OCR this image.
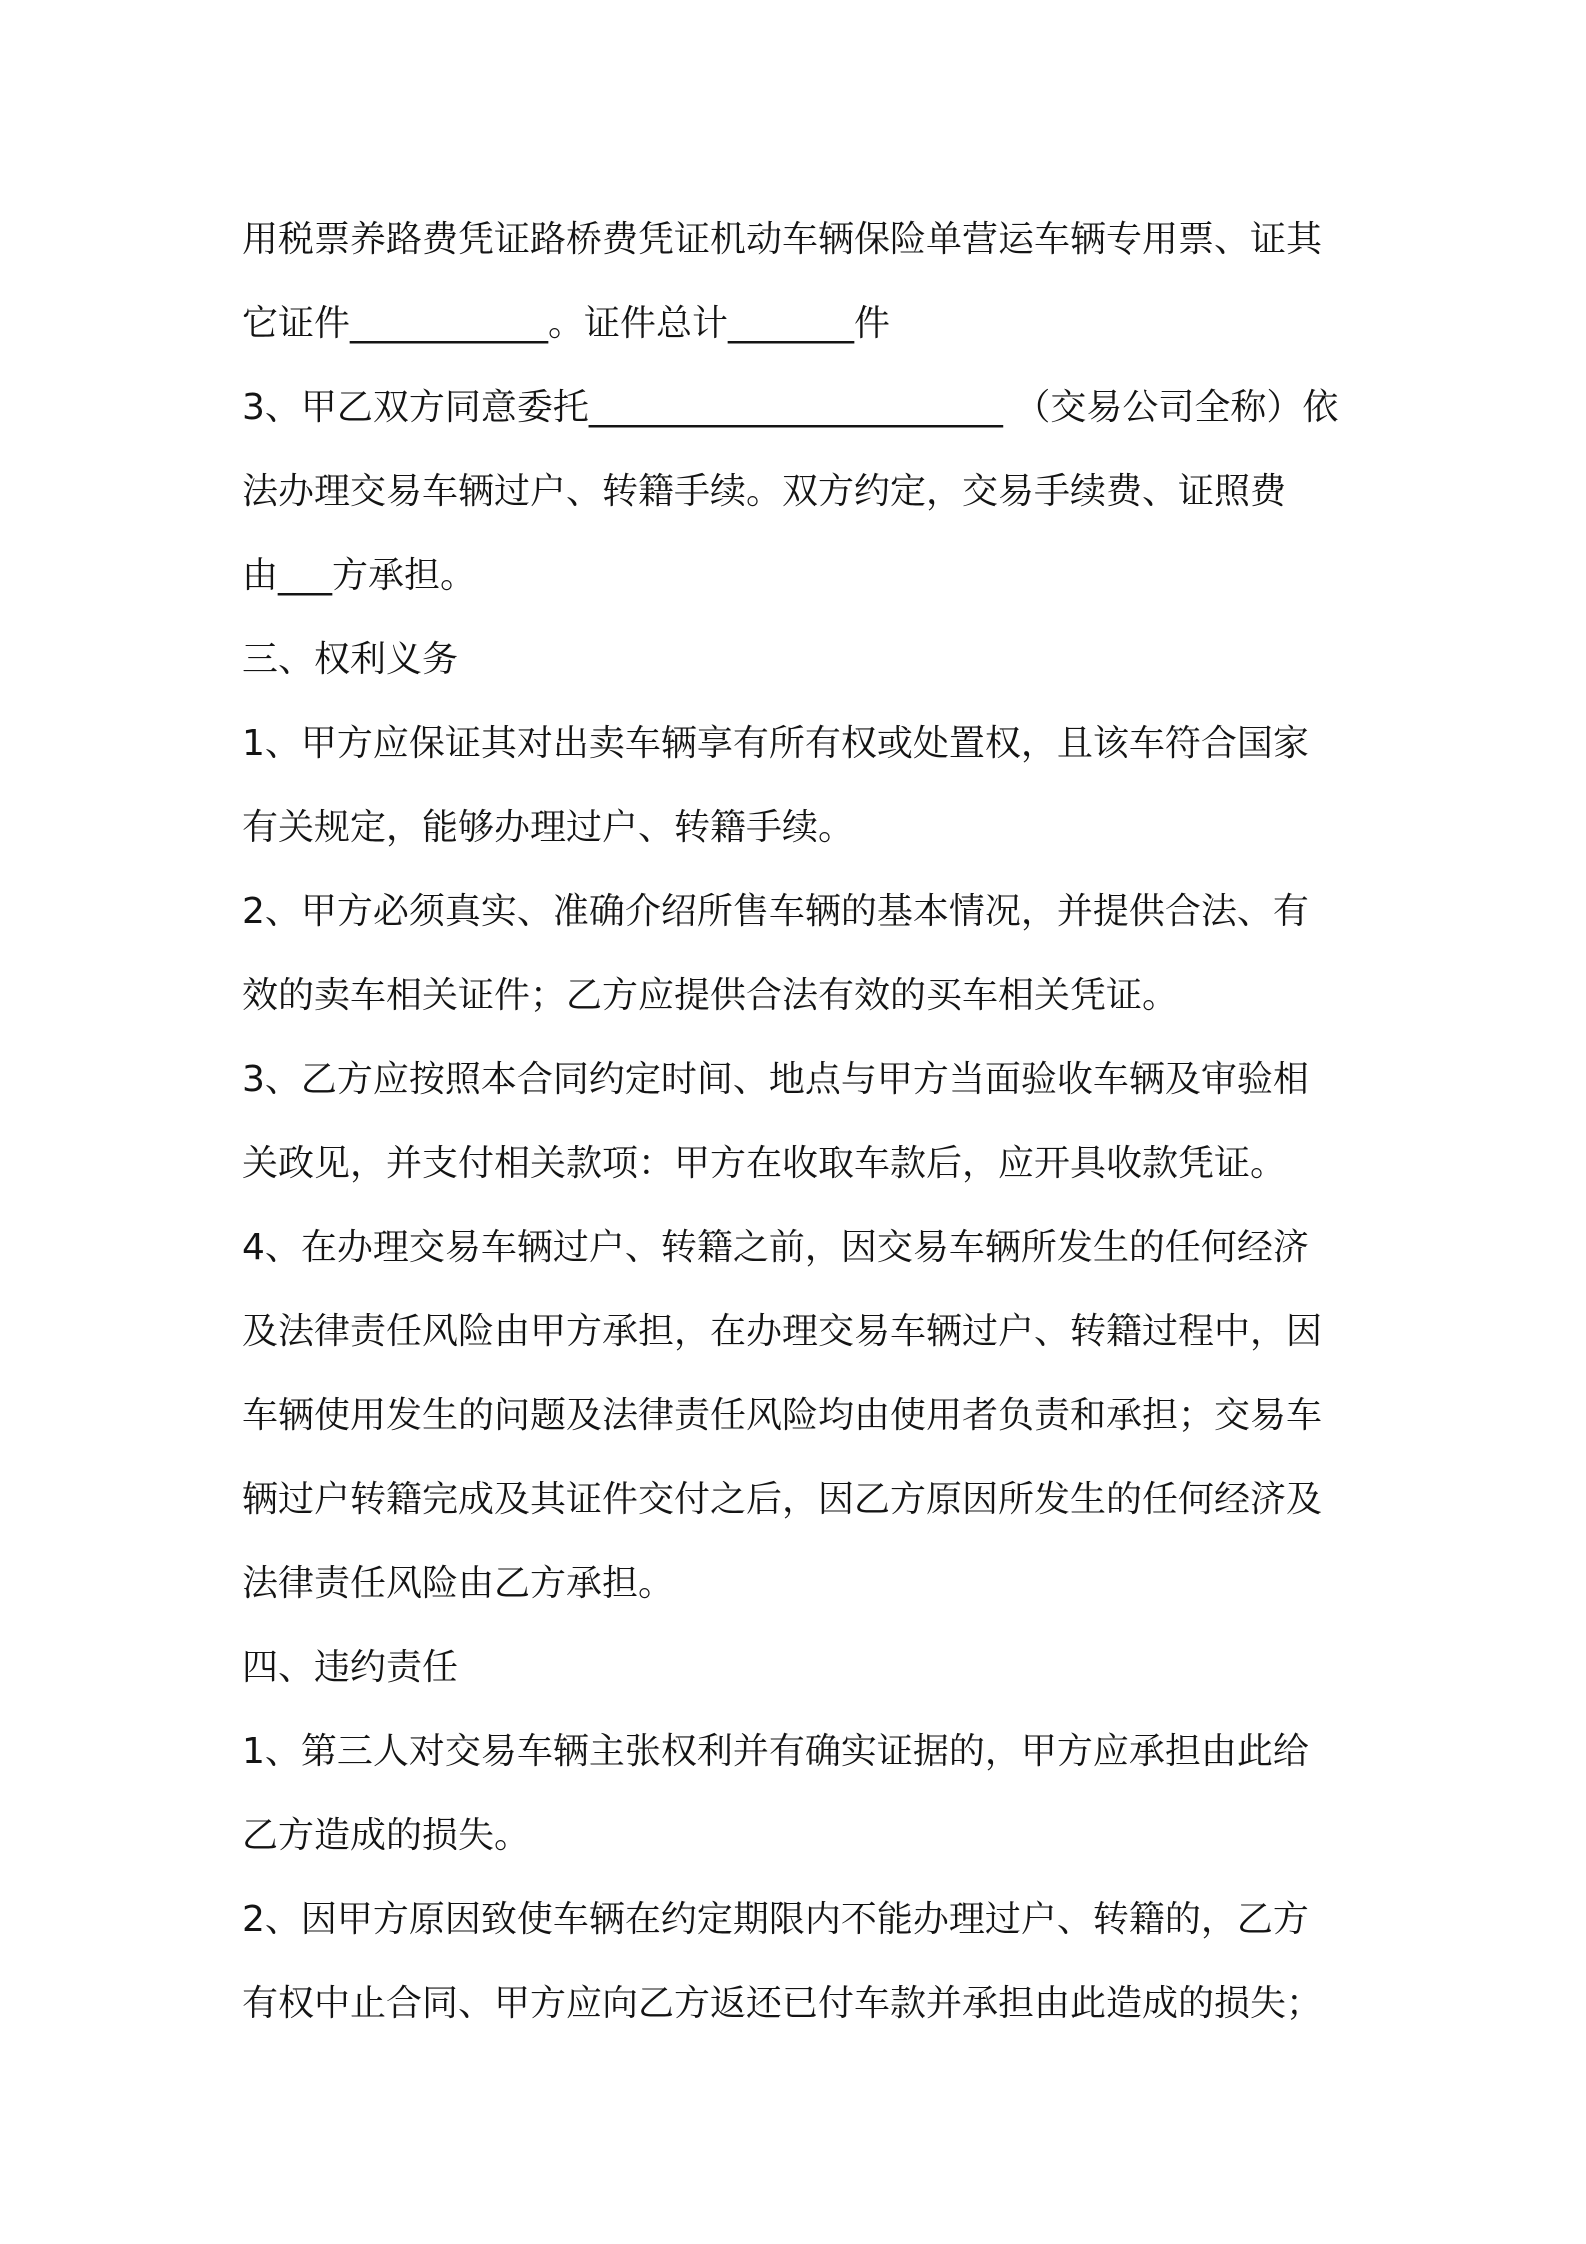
用税票养路费凭证路桥费凭证机动车辆保险单营运车辆专用票、证其

它证件___________。证件总计_______件

3、甲乙双方同意委托_______________________ （交易公司全称）依

法办理交易车辆过户、转籍手续。双方约定，交易手续费、证照费

由___方承担。

三、权利义务

1、甲方应保证其对出卖车辆享有所有权或处置权，且该车符合国家

有关规定，能够办理过户、转籍手续。

2、甲方必须真实、准确介绍所售车辆的基本情况，并提供合法、有

效的卖车相关证件；乙方应提供合法有效的买车相关凭证。

3、乙方应按照本合同约定时间、地点与甲方当面验收车辆及审验相

关政见，并支付相关款项：甲方在收取车款后，应开具收款凭证。

4、在办理交易车辆过户、转籍之前，因交易车辆所发生的任何经济

及法律责任风险由甲方承担，在办理交易车辆过户、转籍过程中，因

车辆使用发生的问题及法律责任风险均由使用者负责和承担；交易车

辆过户转籍完成及其证件交付之后，因乙方原因所发生的任何经济及

法律责任风险由乙方承担。

四、违约责任

1、第三人对交易车辆主张权利并有确实证据的，甲方应承担由此给

乙方造成的损失。

2、因甲方原因致使车辆在约定期限内不能办理过户、转籍的，乙方

有权中止合同、甲方应向乙方返还已付车款并承担由此造成的损失；
